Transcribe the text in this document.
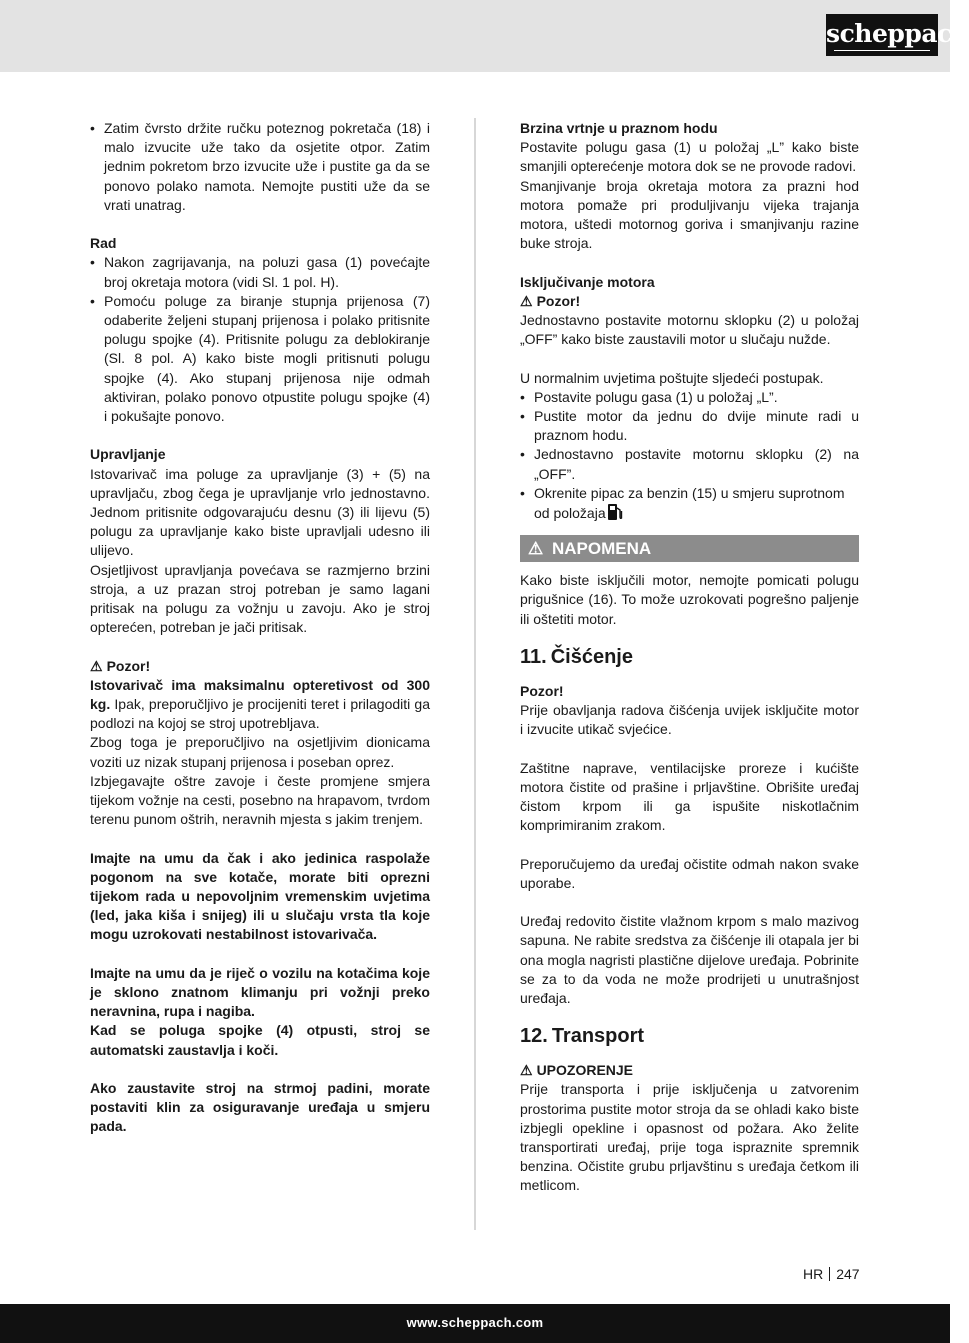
scheppach
• Zatim čvrsto držite ručku poteznog pokretača (18) i malo izvucite uže tako da osjetite otpor. Zatim jednim pokretom brzo izvucite uže i pustite ga da se ponovo polako namota. Nemojte pustiti uže da se vrati unatrag.

Rad

• Nakon zagrijavanja, na poluzi gasa (1) povećajte broj okretaja motora (vidi Sl. 1 pol. H).
• Pomoću poluge za biranje stupnja prijenosa (7) odaberite željeni stupanj prijenosa i polako pritisnite polugu spojke (4). Pritisnite polugu za deblokiranje (Sl. 8 pol. A) kako biste mogli pritisnuti polugu spojke (4). Ako stupanj prijenosa nije odmah aktiviran, polako ponovo otpustite polugu spojke (4) i pokušajte ponovo.

Upravljanje

Istovarivač ima poluge za upravljanje (3) + (5) na upravljaču, zbog čega je upravljanje vrlo jednostavno. Jednom pritisnite odgovarajuću desnu (3) ili lijevu (5) polugu za upravljanje kako biste upravljali udesno ili ulijevo.

Osjetljivost upravljanja povećava se razmjerno brzini stroja, a uz prazan stroj potreban je samo lagani pritisak na polugu za vožnju u zavoju. Ako je stroj opterećen, potreban je jači pritisak.

⚠ Pozor!

Istovarivač ima maksimalnu opteretivost od 300 kg. Ipak, preporučljivo je procijeniti teret i prilagoditi ga podlozi na kojoj se stroj upotrebljava.

Zbog toga je preporučljivo na osjetljivim dionicama voziti uz nizak stupanj prijenosa i poseban oprez.

Izbjegavajte oštre zavoje i česte promjene smjera tijekom vožnje na cesti, posebno na hrapavom, tvrdom terenu punom oštrih, neravnih mjesta s jakim trenjem.

Imajte na umu da čak i ako jedinica raspolaže pogonom na sve kotače, morate biti oprezni tijekom rada u nepovoljnim vremenskim uvjetima (led, jaka kiša i snijeg) ili u slučaju vrsta tla koje mogu uzrokovati nestabilnost istovarivača.

Imajte na umu da je riječ o vozilu na kotačima koje je sklono znatnom klimanju pri vožnji preko neravnina, rupa i nagiba.

Kad se poluga spojke (4) otpusti, stroj se automatski zaustavlja i koči.

Ako zaustavite stroj na strmoj padini, morate postaviti klin za osiguravanje uređaja u smjeru pada.

Brzina vrtnje u praznom hodu

Postavite polugu gasa (1) u položaj „L” kako biste smanjili opterećenje motora dok se ne provode radovi.

Smanjivanje broja okretaja motora za prazni hod motora pomaže pri produljivanju vijeka trajanja motora, uštedi motornog goriva i smanjivanju razine buke stroja.

Isključivanje motora

⚠ Pozor!

Jednostavno postavite motornu sklopku (2) u položaj „OFF” kako biste zaustavili motor u slučaju nužde.

U normalnim uvjetima poštujte sljedeći postupak.

• Postavite polugu gasa (1) u položaj „L”.
• Pustite motor da jednu do dvije minute radi u praznom hodu.
• Jednostavno postavite motornu sklopku (2) na „OFF”.
• Okrenite pipac za benzin (15) u smjeru suprotnom od položaja
⚠ NAPOMENA

Kako biste isključili motor, nemojte pomicati polugu prigušnice (16). To može uzrokovati pogrešno paljenje ili oštetiti motor.

11. Čišćenje

Pozor!

Prije obavljanja radova čišćenja uvijek isključite motor i izvucite utikač svjećice.

Zaštitne naprave, ventilacijske proreze i kućište motora čistite od prašine i prljavštine. Obrišite uređaj čistom krpom ili ga ispušite niskotlačnim komprimiranim zrakom.

Preporučujemo da uređaj očistite odmah nakon svake uporabe.

Uređaj redovito čistite vlažnom krpom s malo mazivog sapuna. Ne rabite sredstva za čišćenje ili otapala jer bi ona mogla nagristi plastične dijelove uređaja. Pobrinite se za to da voda ne može prodrijeti u unutrašnjost uređaja.

12. Transport

⚠ UPOZORENJE

Prije transporta i prije isključenja u zatvorenim prostorima pustite motor stroja da se ohladi kako biste izbjegli opekline i opasnost od požara. Ako želite transportirati uređaj, prije toga ispraznite spremnik benzina. Očistite grubu prljavštinu s uređaja četkom ili metlicom.

HR 247
www.scheppach.com
